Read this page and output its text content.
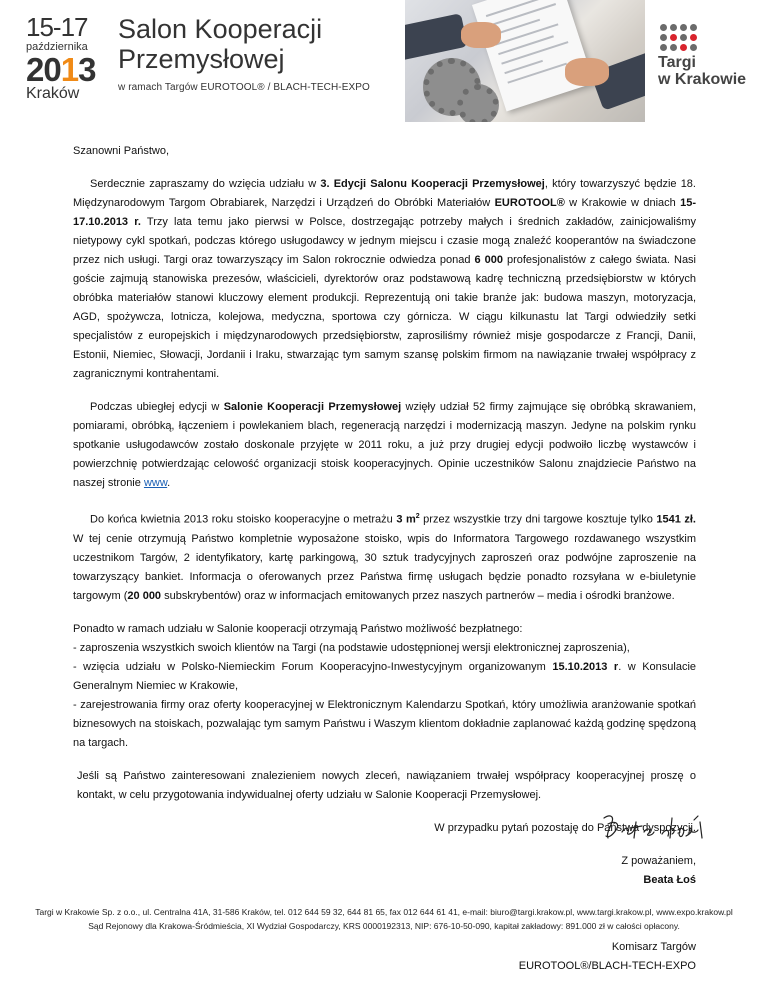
15-17
października
2013
Kraków
Salon Kooperacji
Przemysłowej
w ramach Targów EUROTOOL® / BLACH-TECH-EXPO
Targi
w Krakowie

Szanowni Państwo,

Serdecznie zapraszamy do wzięcia udziału w 3. Edycji Salonu Kooperacji Przemysłowej, który towarzyszyć będzie 18. Międzynarodowym Targom Obrabiarek, Narzędzi i Urządzeń do Obróbki Materiałów EUROTOOL® w Krakowie w dniach 15-17.10.2013 r. Trzy lata temu jako pierwsi w Polsce, dostrzegając potrzeby małych i średnich zakładów, zainicjowaliśmy nietypowy cykl spotkań, podczas którego usługodawcy w jednym miejscu i czasie mogą znaleźć kooperantów na świadczone przez nich usługi. Targi oraz towarzyszący im Salon rokrocznie odwiedza ponad 6 000 profesjonalistów z całego świata. Nasi goście zajmują stanowiska prezesów, właścicieli, dyrektorów oraz podstawową kadrę techniczną przedsiębiorstw w których obróbka materiałów stanowi kluczowy element produkcji. Reprezentują oni takie branże jak: budowa maszyn, motoryzacja, AGD, spożywcza, lotnicza, kolejowa, medyczna, sportowa czy górnicza. W ciągu kilkunastu lat Targi odwiedziły setki specjalistów z europejskich i międzynarodowych przedsiębiorstw, zaprosiliśmy również misje gospodarcze z Francji, Danii, Estonii, Niemiec, Słowacji, Jordanii i Iraku, stwarzając tym samym szansę polskim firmom na nawiązanie trwałej współpracy z zagranicznymi kontrahentami.

Podczas ubiegłej edycji w Salonie Kooperacji Przemysłowej wzięły udział 52 firmy zajmujące się obróbką skrawaniem, pomiarami, obróbką, łączeniem i powlekaniem blach, regeneracją narzędzi i modernizacją maszyn. Jedyne na polskim rynku spotkanie usługodawców zostało doskonale przyjęte w 2011 roku, a już przy drugiej edycji podwoiło liczbę wystawców i powierzchnię potwierdzając celowość organizacji stoisk kooperacyjnych. Opinie uczestników Salonu znajdziecie Państwo na naszej stronie www.

Do końca kwietnia 2013 roku stoisko kooperacyjne o metrażu 3 $m^2$ przez wszystkie trzy dni targowe kosztuje tylko 1541 zł. W tej cenie otrzymują Państwo kompletnie wyposażone stoisko, wpis do Informatora Targowego rozdawanego wszystkim uczestnikom Targów, 2 identyfikatory, kartę parkingową, 30 sztuk tradycyjnych zaproszeń oraz podwójne zaproszenie na towarzyszący bankiet. Informacja o oferowanych przez Państwa firmę usługach będzie ponadto rozsyłana w e-biuletynie targowym (20 000 subskrybentów) oraz w informacjach emitowanych przez naszych partnerów – media i ośrodki branżowe.

Ponadto w ramach udziału w Salonie kooperacji otrzymają Państwo możliwość bezpłatnego:
- zaproszenia wszystkich swoich klientów na Targi (na podstawie udostępnionej wersji elektronicznej zaproszenia),
- wzięcia udziału w Polsko-Niemieckim Forum Kooperacyjno-Inwestycyjnym organizowanym 15.10.2013 r. w Konsulacie Generalnym Niemiec w Krakowie,
- zarejestrowania firmy oraz oferty kooperacyjnej w Elektronicznym Kalendarzu Spotkań, który umożliwia aranżowanie spotkań biznesowych na stoiskach, pozwalając tym samym Państwu i Waszym klientom dokładnie zaplanować każdą godzinę spędzoną na targach.

Jeśli są Państwo zainteresowani znalezieniem nowych zleceń, nawiązaniem trwałej współpracy kooperacyjnej proszę o kontakt, w celu przygotowania indywidualnej oferty udziału w Salonie Kooperacji Przemysłowej.

W przypadku pytań pozostaję do Państwa dyspozycji.

Z poważaniem,
Beata Łoś
Komisarz Targów
EUROTOOL®/BLACH-TECH-EXPO
Targi w Krakowie Sp. z o.o., ul. Centralna 41A, 31-586 Kraków, tel. 012 644 59 32, 644 81 65, fax 012 644 61 41, e-mail: biuro@targi.krakow.pl, www.targi.krakow.pl, www.expo.krakow.pl
Sąd Rejonowy dla Krakowa-Śródmieścia, XI Wydział Gospodarczy, KRS 0000192313, NIP: 676-10-50-090, kapitał zakładowy: 891.000 zł w całości opłacony.
